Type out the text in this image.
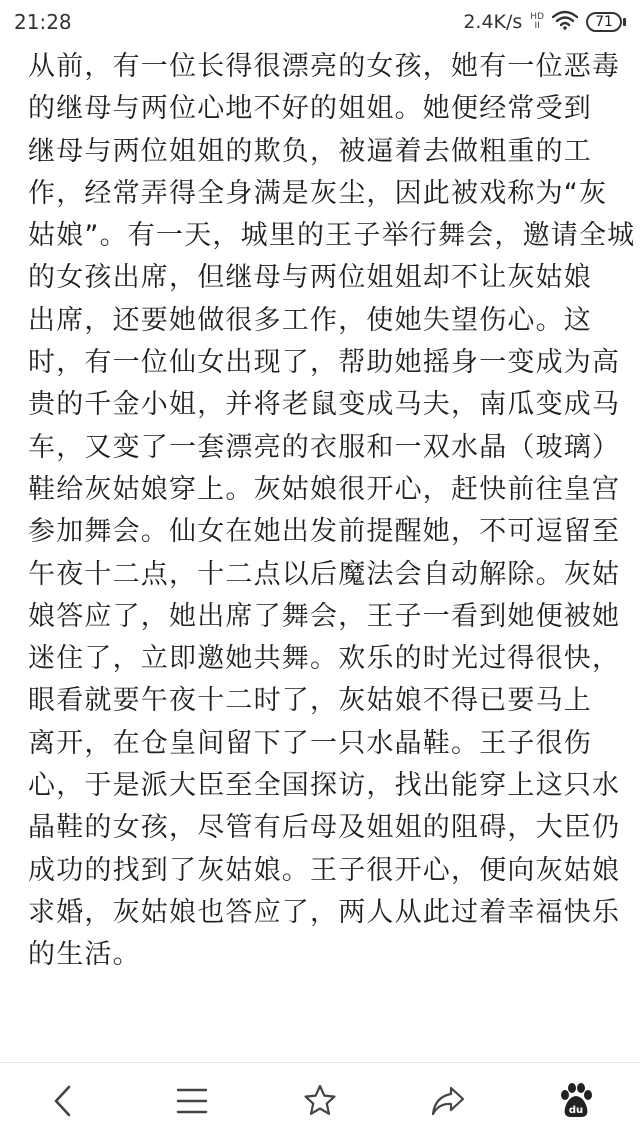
21:28	2.4K/s HD
II	71
从前，有一位长得很漂亮的女孩，她有一位恶毒
的继母与两位心地不好的姐姐。她便经常受到
继母与两位姐姐的欺负，被逼着去做粗重的工
作，经常弄得全身满是灰尘，因此被戏称为“灰
姑娘”。有一天，城里的王子举行舞会，邀请全城
的女孩出席，但继母与两位姐姐却不让灰姑娘
出席，还要她做很多工作，使她失望伤心。这
时，有一位仙女出现了，帮助她摇身一变成为高
贵的千金小姐，并将老鼠变成马夫，南瓜变成马
车，又变了一套漂亮的衣服和一双水晶（玻璃）
鞋给灰姑娘穿上。灰姑娘很开心，赶快前往皇宫
参加舞会。仙女在她出发前提醒她，不可逗留至
午夜十二点，十二点以后魔法会自动解除。灰姑
娘答应了，她出席了舞会，王子一看到她便被她
迷住了，立即邀她共舞。欢乐的时光过得很快，
眼看就要午夜十二时了，灰姑娘不得已要马上
离开，在仓皇间留下了一只水晶鞋。王子很伤
心，于是派大臣至全国探访，找出能穿上这只水
晶鞋的女孩，尽管有后母及姐姐的阻碍，大臣仍
成功的找到了灰姑娘。王子很开心，便向灰姑娘
求婚，灰姑娘也答应了，两人从此过着幸福快乐
的生活。
du
